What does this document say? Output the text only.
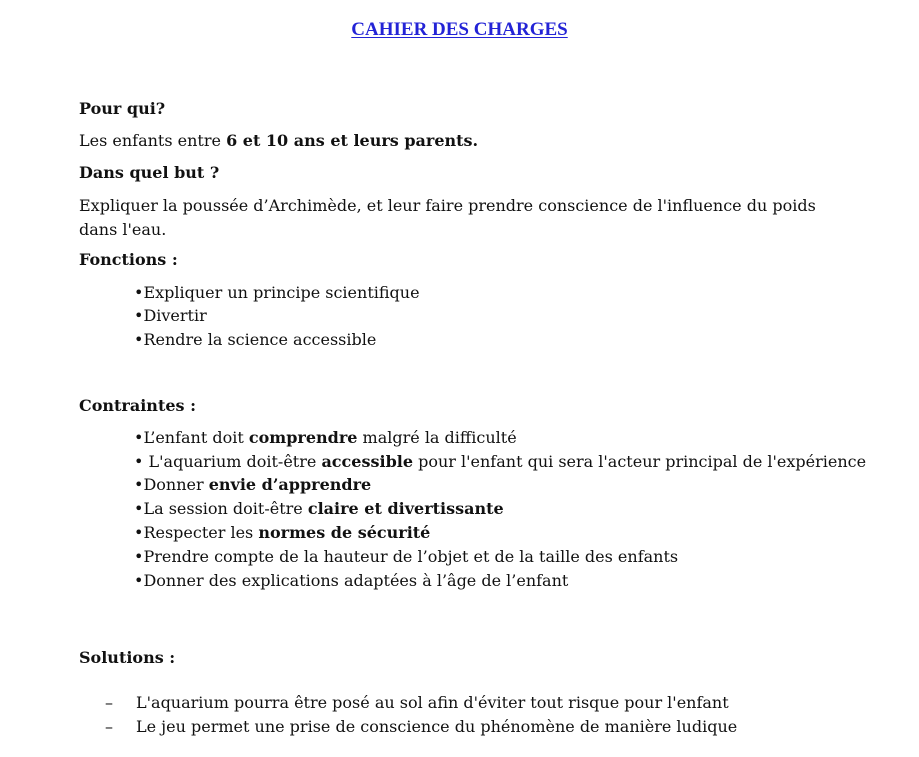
CAHIER DES CHARGES
Pour qui?
Les enfants entre 6 et 10 ans et leurs parents.
Dans quel but ?
Expliquer la poussée d’Archimède, et leur faire prendre conscience de l'influence du poids dans l'eau.
Fonctions :
•Expliquer un principe scientifique
•Divertir
•Rendre la science accessible
Contraintes :
•L’enfant doit comprendre malgré la difficulté
• L'aquarium doit-être accessible pour l'enfant qui sera l'acteur principal de l'expérience
•Donner envie d’apprendre
•La session doit-être claire et divertissante
•Respecter les normes de sécurité
•Prendre compte de la hauteur de l’objet et de la taille des enfants
•Donner des explications adaptées à l’âge de l’enfant
Solutions :
– L'aquarium pourra être posé au sol afin d'éviter tout risque pour l'enfant
– Le jeu permet une prise de conscience du phénomène de manière ludique
